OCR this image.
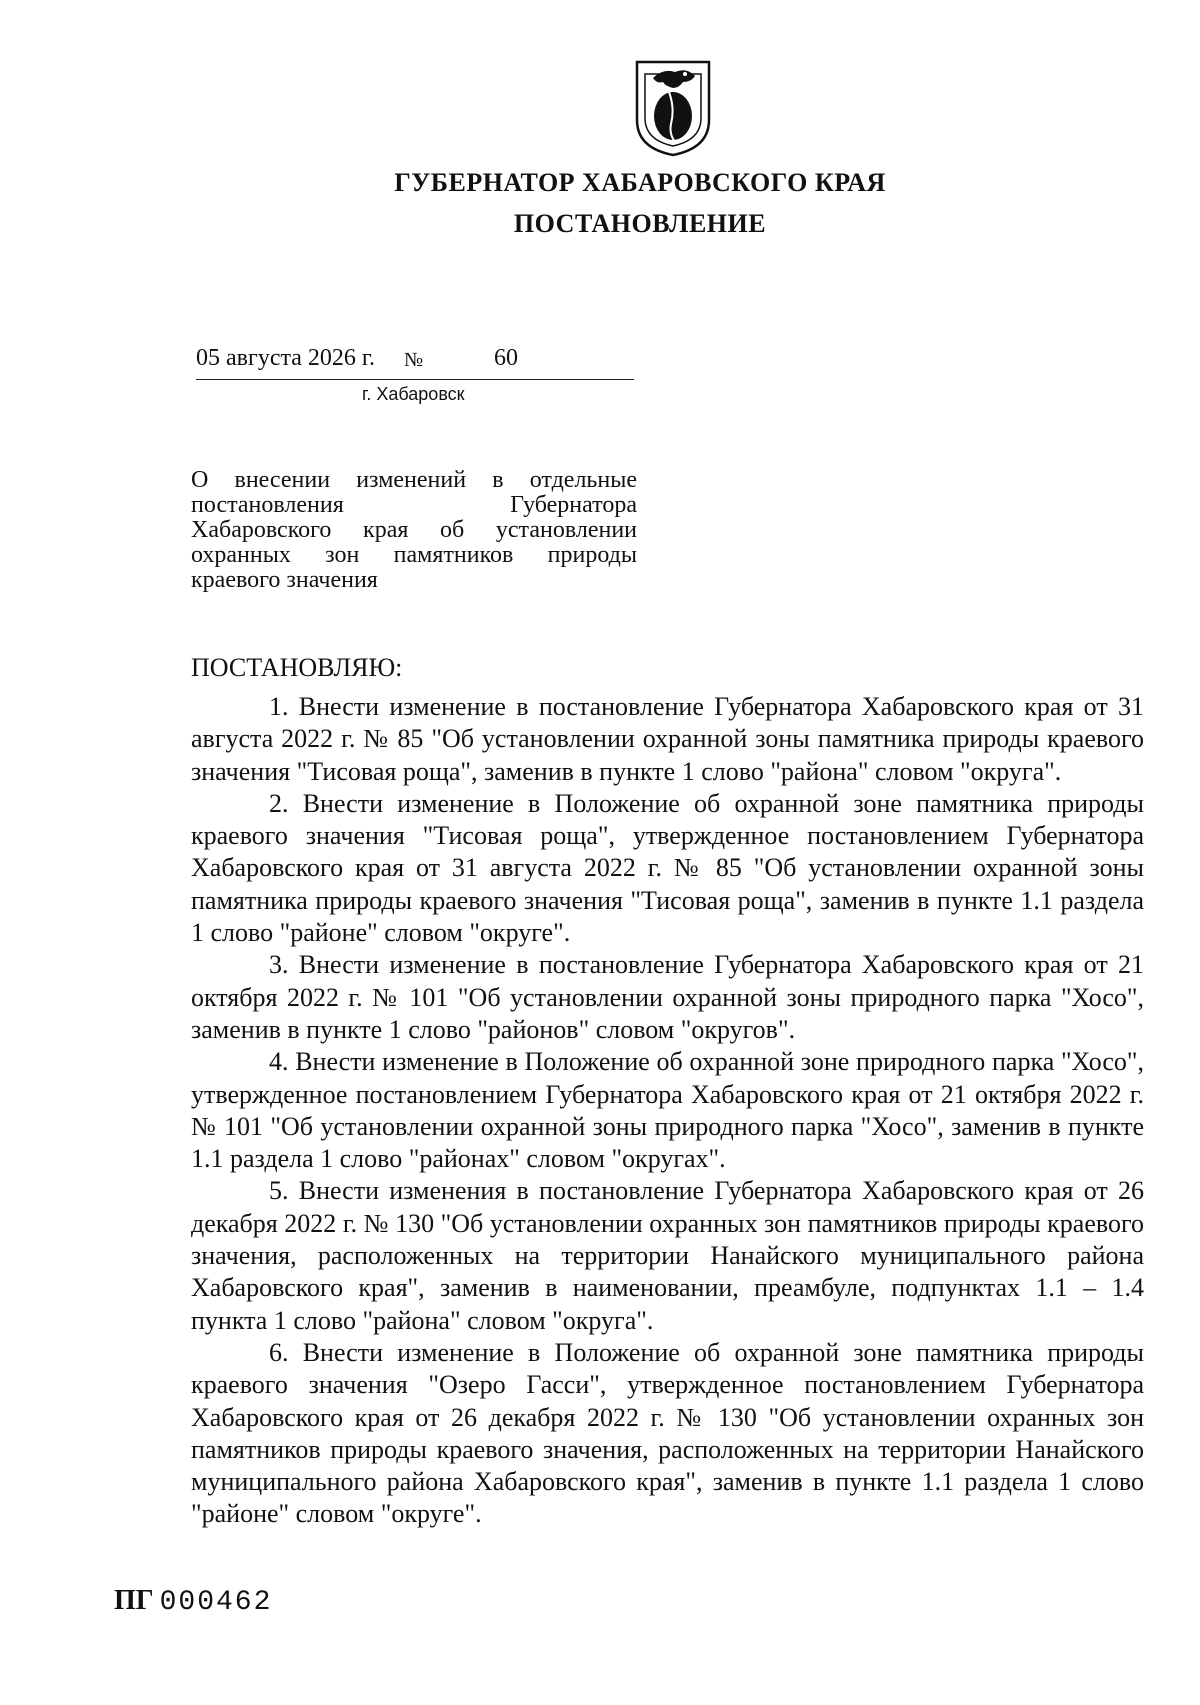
ГУБЕРНАТОР ХАБАРОВСКОГО КРАЯ
ПОСТАНОВЛЕНИЕ
05 августа 2026 г. №	60
г. Хабаровск
О внесении изменений в отдельные
постановления Губернатора
Хабаровского края об установлении
охранных зон памятников природы
краевого значения
ПОСТАНОВЛЯЮ:

1. Внести изменение в постановление Губернатора Хабаровского края от 31 августа 2022 г. № 85 "Об установлении охранной зоны памятника природы краевого значения "Тисовая роща", заменив в пункте 1 слово "района" словом "округа".

2. Внести изменение в Положение об охранной зоне памятника природы краевого значения "Тисовая роща", утвержденное постановлением Губернатора Хабаровского края от 31 августа 2022 г. № 85 "Об установлении охранной зоны памятника природы краевого значения "Тисовая роща", заменив в пункте 1.1 раздела 1 слово "районе" словом "округе".

3. Внести изменение в постановление Губернатора Хабаровского края от 21 октября 2022 г. № 101 "Об установлении охранной зоны природного парка "Хосо", заменив в пункте 1 слово "районов" словом "округов".

4. Внести изменение в Положение об охранной зоне природного парка "Хосо", утвержденное постановлением Губернатора Хабаровского края от 21 октября 2022 г. № 101 "Об установлении охранной зоны природного парка "Хосо", заменив в пункте 1.1 раздела 1 слово "районах" словом "округах".

5. Внести изменения в постановление Губернатора Хабаровского края от 26 декабря 2022 г. № 130 "Об установлении охранных зон памятников природы краевого значения, расположенных на территории Нанайского муниципального района Хабаровского края", заменив в наименовании, преамбуле, подпунктах 1.1 – 1.4 пункта 1 слово "района" словом "округа".

6. Внести изменение в Положение об охранной зоне памятника природы краевого значения "Озеро Гасси", утвержденное постановлением Губернатора Хабаровского края от 26 декабря 2022 г. № 130 "Об установлении охранных зон памятников природы краевого значения, расположенных на территории Нанайского муниципального района Хабаровского края", заменив в пункте 1.1 раздела 1 слово "районе" словом "округе".

ПГ 000462
